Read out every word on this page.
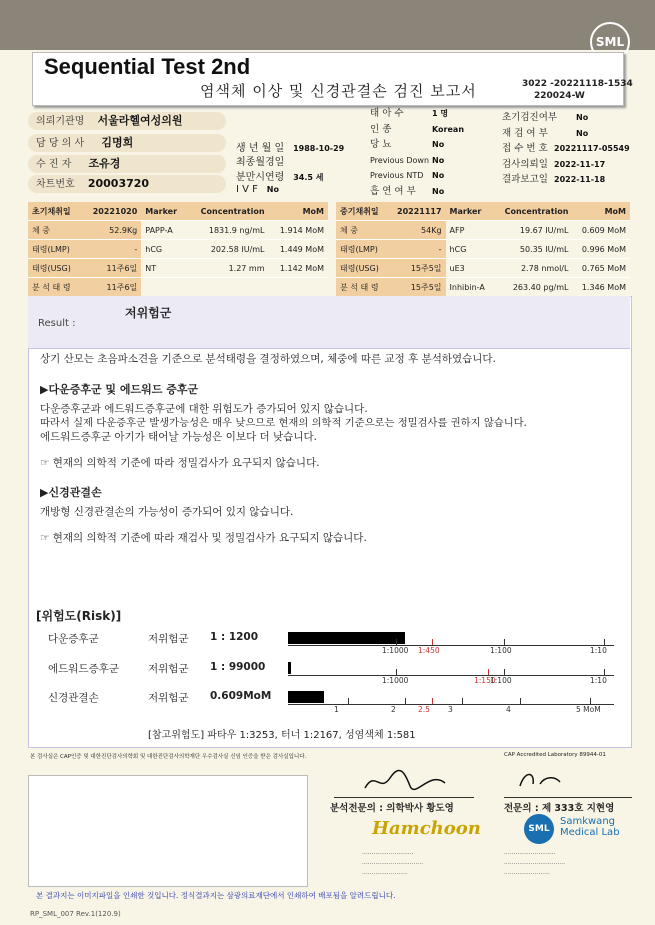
SML
Sequential Test 2nd
염색체 이상 및 신경관결손 검진 보고서	3022 -20221118-1534
220024-W
의뢰기관명 서울라헬여성의원
담 당 의 사 김명희
수 진 자 조유경
차트번호 20003720
생 년 월 일 1988-10-29
최종월경일
분만시연령 34.5 세
I V F No
태 아 수	1 명
인 종	Korean
당 뇨	No
Previous Down No
Previous NTD No
흡 연 여 부 No
초기검진여부 No
재 검 여 부	No
접 수 번 호 20221117-05549
검사의뢰일 2022-11-17
결과보고일 2022-11-18
초기채취일	20221020	Marker	Concentration	MoM
체 중	52.9Kg	PAPP-A	1831.9 ng/mL	1.914 MoM
태령(LMP)	-	hCG	202.58 IU/mL	1.449 MoM
태령(USG)	11주6일	NT	1.27 mm	1.142 MoM
분 석 태 령	11주6일			
중기채취일	20221117	Marker	Concentration	MoM
체 중	54Kg	AFP	19.67 IU/mL	0.609 MoM
태령(LMP)	-	hCG	50.35 IU/mL	0.996 MoM
태령(USG)	15주5일	uE3	2.78 nmol/L	0.765 MoM
분 석 태 령	15주5일	Inhibin-A	263.40 pg/mL	1.346 MoM
Result :
저위험군
상기 산모는 초음파소견을 기준으로 분석태령을 결정하였으며, 체중에 따른 교정 후 분석하였습니다.
▶다운증후군 및 에드워드 증후군
다운증후군과 에드워드증후군에 대한 위험도가 증가되어 있지 않습니다.
따라서 실제 다운증후군 발생가능성은 매우 낮으므로 현재의 의학적 기준으로는 정밀검사를 권하지 않습니다.
에드워드증후군 아기가 태어날 가능성은 이보다 더 낮습니다.
☞ 현재의 의학적 기준에 따라 정밀검사가 요구되지 않습니다.
▶신경관결손
개방형 신경관결손의 가능성이 증가되어 있지 않습니다.
☞ 현재의 의학적 기준에 따라 재검사 및 정밀검사가 요구되지 않습니다.
[위험도(Risk)]
다운증후군	저위험군 1 : 1200
에드워드증후군	저위험군 1 : 99000
신경관결손	저위험군 0.609MoM
1:1000 1:450	1:100	1:10
1:1000	1:150
1:100	1:10
1	2	2.5 3	4	5 MoM
[참고위험도] 파타우 1:3253, 터너 1:2167, 성염색체 1:581
본 검사실은 CAP인증 및 대한진단검사의학회 및 대한진단검사의학재단 우수검사실 신임 인증을 받은 검사실입니다.	CAP Accredited Laboratory 89944-01
분석전문의 : 의학박사 황도영	전문의 : 제 333호 지현영
Hamchoon
···························
································
························
SML
Samkwang
Medical Lab
···························
································
························
본 결과지는 이미지파일을 인쇄한 것입니다. 정식결과지는 삼광의료재단에서 인쇄하여 배포됨을 알려드립니다.
RP_SML_007 Rev.1(120.9)
